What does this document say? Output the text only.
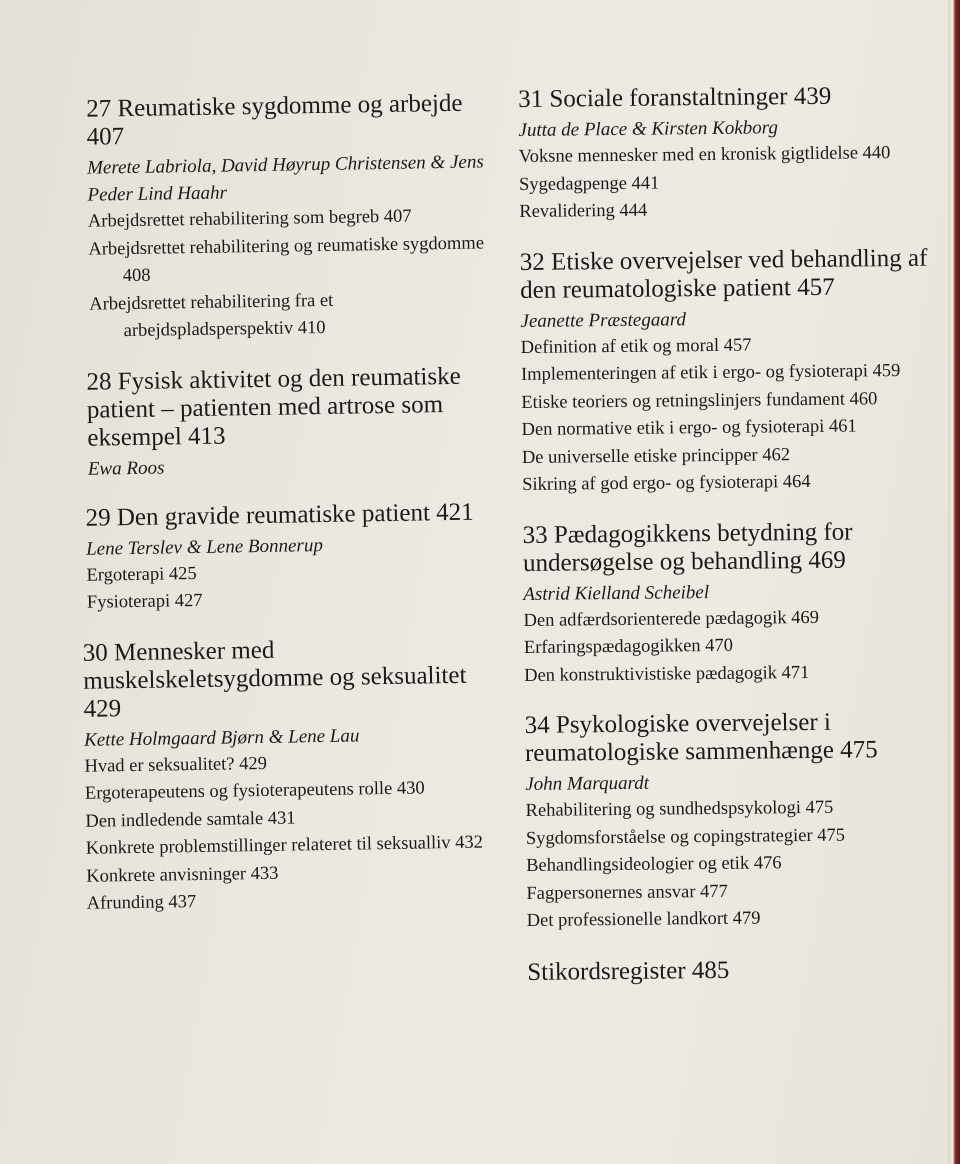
27 Reumatiske sygdomme og arbejde 407
Merete Labriola, David Høyrup Christensen & Jens Peder Lind Haahr
Arbejdsrettet rehabilitering som begreb 407
Arbejdsrettet rehabilitering og reumatiske sygdomme 408
Arbejdsrettet rehabilitering fra et arbejdspladsperspektiv 410
28 Fysisk aktivitet og den reumatiske patient – patienten med artrose som eksempel 413
Ewa Roos
29 Den gravide reumatiske patient 421
Lene Terslev & Lene Bonnerup
Ergoterapi 425
Fysioterapi 427
30 Mennesker med muskelskeletsygdomme og seksualitet 429
Kette Holmgaard Bjørn & Lene Lau
Hvad er seksualitet? 429
Ergoterapeutens og fysioterapeutens rolle 430
Den indledende samtale 431
Konkrete problemstillinger relateret til seksualliv 432
Konkrete anvisninger 433
Afrunding 437
31 Sociale foranstaltninger 439
Jutta de Place & Kirsten Kokborg
Voksne mennesker med en kronisk gigtlidelse 440
Sygedagpenge 441
Revalidering 444
32 Etiske overvejelser ved behandling af den reumatologiske patient 457
Jeanette Præstegaard
Definition af etik og moral 457
Implementeringen af etik i ergo- og fysioterapi 459
Etiske teoriers og retningslinjers fundament 460
Den normative etik i ergo- og fysioterapi 461
De universelle etiske principper 462
Sikring af god ergo- og fysioterapi 464
33 Pædagogikkens betydning for undersøgelse og behandling 469
Astrid Kielland Scheibel
Den adfærdsorienterede pædagogik 469
Erfaringspædagogikken 470
Den konstruktivistiske pædagogik 471
34 Psykologiske overvejelser i reumatologiske sammenhænge 475
John Marquardt
Rehabilitering og sundhedspsykologi 475
Sygdomsforståelse og copingstrategier 475
Behandlingsideologier og etik 476
Fagpersonernes ansvar 477
Det professionelle landkort 479
Stikordsregister 485
